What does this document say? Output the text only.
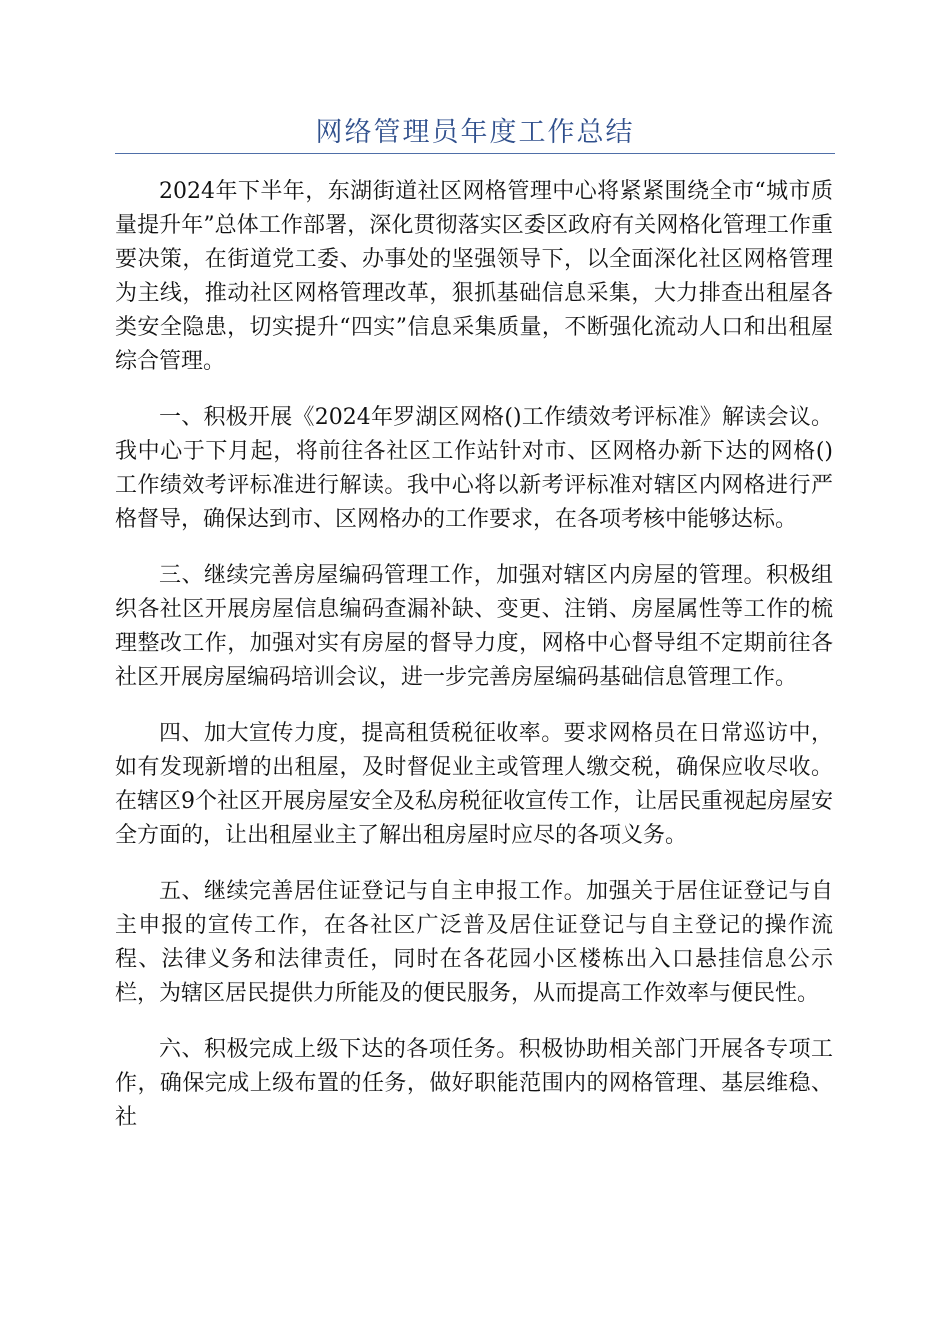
网络管理员年度工作总结

2024年下半年，东湖街道社区网格管理中心将紧紧围绕全市“城市质量提升年”总体工作部署，深化贯彻落实区委区政府有关网格化管理工作重要决策，在街道党工委、办事处的坚强领导下，以全面深化社区网格管理为主线，推动社区网格管理改革，狠抓基础信息采集，大力排查出租屋各类安全隐患，切实提升“四实”信息采集质量，不断强化流动人口和出租屋综合管理。

一、积极开展《2024年罗湖区网格()工作绩效考评标准》解读会议。我中心于下月起，将前往各社区工作站针对市、区网格办新下达的网格()工作绩效考评标准进行解读。我中心将以新考评标准对辖区内网格进行严格督导，确保达到市、区网格办的工作要求，在各项考核中能够达标。

三、继续完善房屋编码管理工作，加强对辖区内房屋的管理。积极组织各社区开展房屋信息编码查漏补缺、变更、注销、房屋属性等工作的梳理整改工作，加强对实有房屋的督导力度，网格中心督导组不定期前往各社区开展房屋编码培训会议，进一步完善房屋编码基础信息管理工作。

四、加大宣传力度，提高租赁税征收率。要求网格员在日常巡访中，如有发现新增的出租屋，及时督促业主或管理人缴交税，确保应收尽收。在辖区9个社区开展房屋安全及私房税征收宣传工作，让居民重视起房屋安全方面的，让出租屋业主了解出租房屋时应尽的各项义务。

五、继续完善居住证登记与自主申报工作。加强关于居住证登记与自主申报的宣传工作，在各社区广泛普及居住证登记与自主登记的操作流程、法律义务和法律责任，同时在各花园小区楼栋出入口悬挂信息公示栏，为辖区居民提供力所能及的便民服务，从而提高工作效率与便民性。

六、积极完成上级下达的各项任务。积极协助相关部门开展各专项工作，确保完成上级布置的任务，做好职能范围内的网格管理、基层维稳、社
